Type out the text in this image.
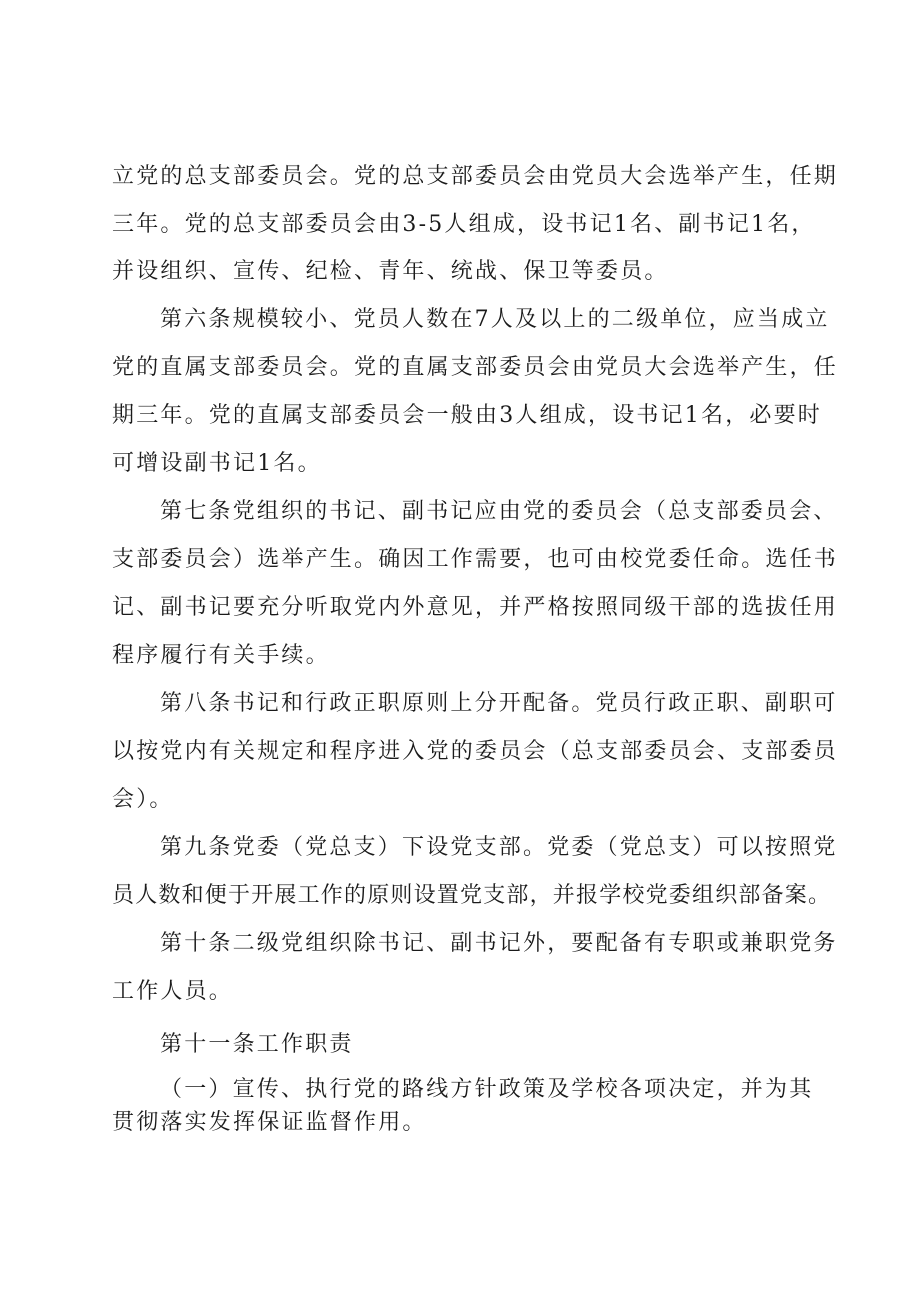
立党的总支部委员会。党的总支部委员会由党员大会选举产生，任期
三年。党的总支部委员会由3-5人组成，设书记1名、副书记1名，
并设组织、宣传、纪检、青年、统战、保卫等委员。
第六条规模较小、党员人数在7人及以上的二级单位，应当成立
党的直属支部委员会。党的直属支部委员会由党员大会选举产生，任
期三年。党的直属支部委员会一般由3人组成，设书记1名，必要时
可增设副书记1名。
第七条党组织的书记、副书记应由党的委员会（总支部委员会、
支部委员会）选举产生。确因工作需要，也可由校党委任命。选任书
记、副书记要充分听取党内外意见，并严格按照同级干部的选拔任用
程序履行有关手续。
第八条书记和行政正职原则上分开配备。党员行政正职、副职可
以按党内有关规定和程序进入党的委员会（总支部委员会、支部委员
会）。
第九条党委（党总支）下设党支部。党委（党总支）可以按照党
员人数和便于开展工作的原则设置党支部，并报学校党委组织部备案。
第十条二级党组织除书记、副书记外，要配备有专职或兼职党务
工作人员。
第十一条工作职责
（一）宣传、执行党的路线方针政策及学校各项决定，并为其
贯彻落实发挥保证监督作用。
